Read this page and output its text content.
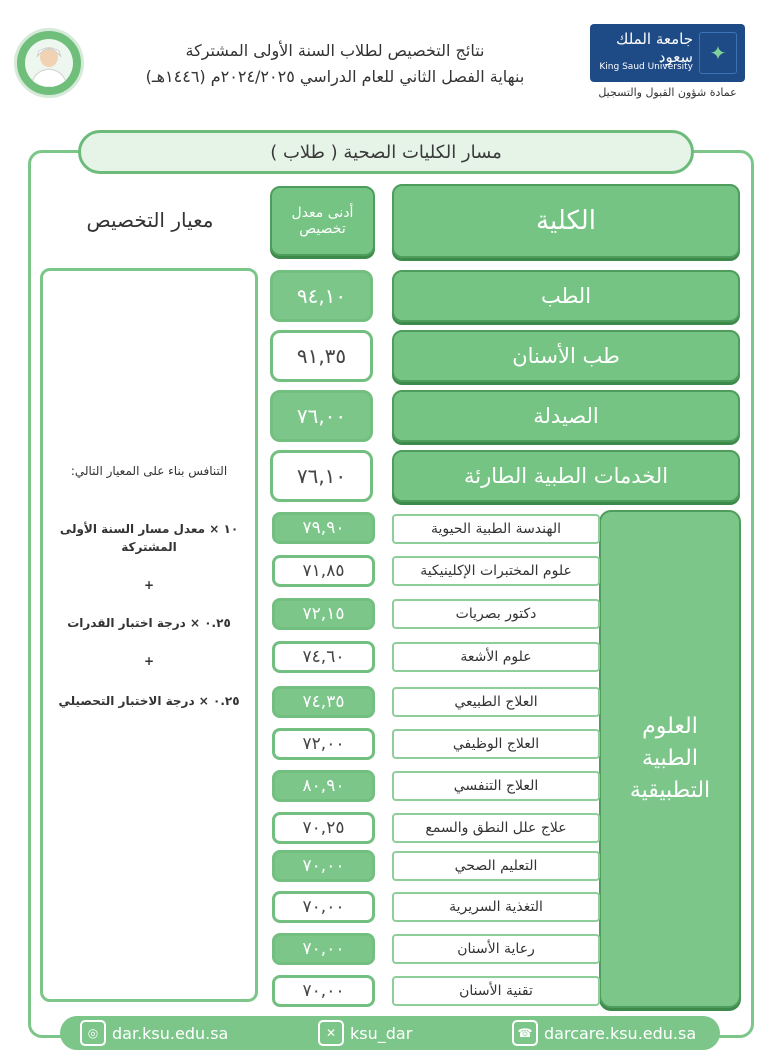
نتائج التخصيص لطلاب السنة الأولى المشتركة
بنهاية الفصل الثاني للعام الدراسي ٢٠٢٤/٢٠٢٥م (١٤٤٦هـ)
جامعة الملك سعود
King Saud University
✦
عمادة شؤون القبول والتسجيل
مسار الكليات الصحية ( طلاب )
الكلية
أدنى معدل تخصيص
معيار التخصيص
الطب
٩٤,١٠
طب الأسنان
٩١,٣٥
الصيدلة
٧٦,٠٠
الخدمات الطبية الطارئة
٧٦,١٠
العلوم الطبية التطبيقية
الهندسة الطبية الحيوية
٧٩,٩٠
علوم المختبرات الإكلينيكية
٧١,٨٥
دكتور بصريات
٧٢,١٥
علوم الأشعة
٧٤,٦٠
العلاج الطبيعي
٧٤,٣٥
العلاج الوظيفي
٧٢,٠٠
العلاج التنفسي
٨٠,٩٠
علاج علل النطق والسمع
٧٠,٢٥
التعليم الصحي
٧٠,٠٠
التغذية السريرية
٧٠,٠٠
رعاية الأسنان
٧٠,٠٠
تقنية الأسنان
٧٠,٠٠
التنافس بناء على المعيار التالي:
١٠ × معدل مسار السنة الأولى المشتركة
+
٠.٢٥ × درجة اختبار القدرات
+
٠.٢٥ × درجة الاختبار التحصيلي
◎ dar.ksu.edu.sa	✕ ksu_dar	☎ darcare.ksu.edu.sa
